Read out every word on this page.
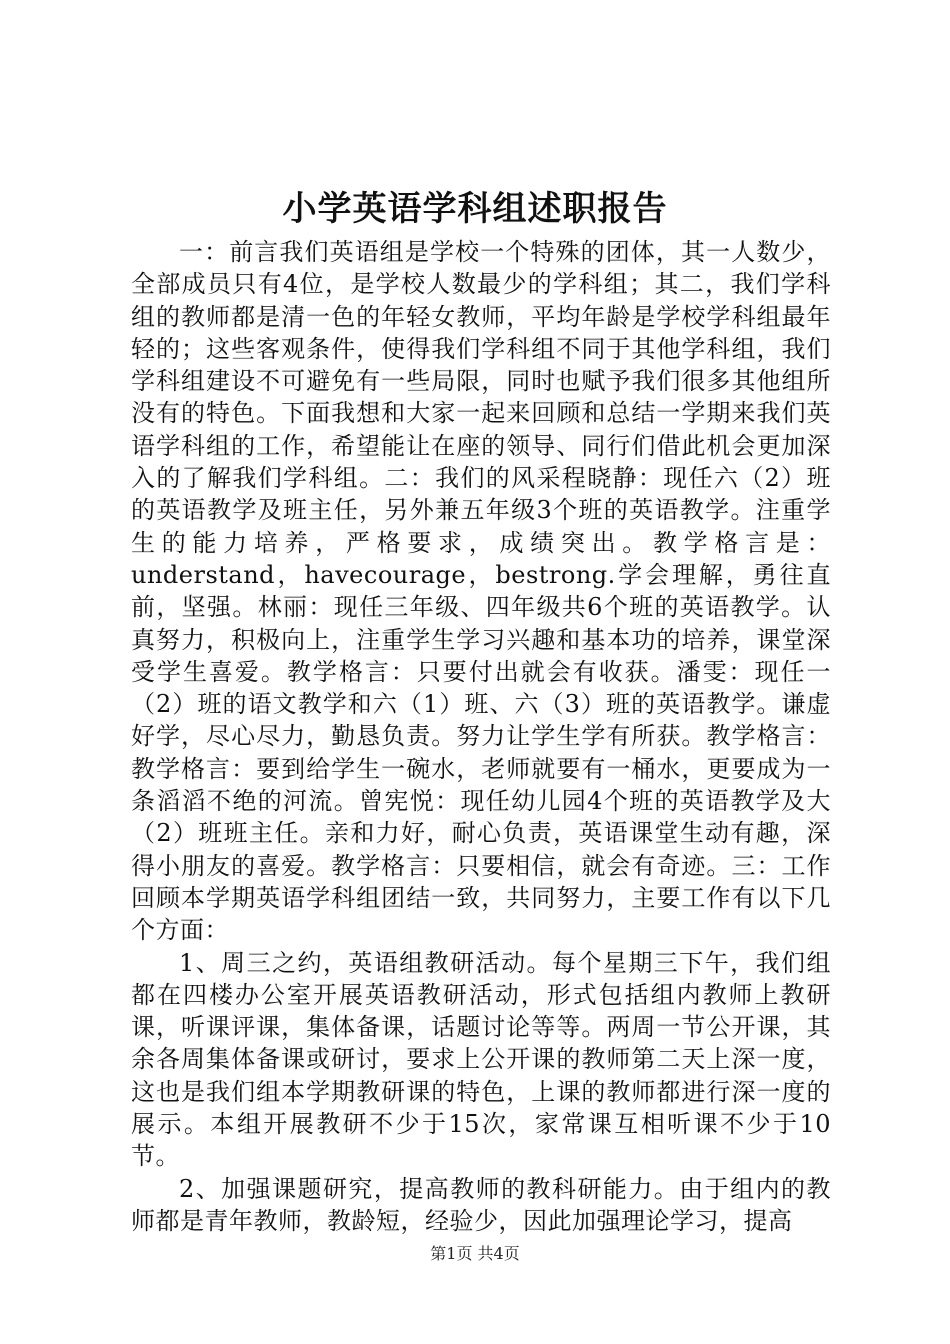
小学英语学科组述职报告

一：前言我们英语组是学校一个特殊的团体，其一人数少，全部成员只有4位，是学校人数最少的学科组；其二，我们学科组的教师都是清一色的年轻女教师，平均年龄是学校学科组最年轻的；这些客观条件，使得我们学科组不同于其他学科组，我们学科组建设不可避免有一些局限，同时也赋予我们很多其他组所没有的特色。下面我想和大家一起来回顾和总结一学期来我们英语学科组的工作，希望能让在座的领导、同行们借此机会更加深入的了解我们学科组。二：我们的风采程晓静：现任六（2）班的英语教学及班主任，另外兼五年级3个班的英语教学。注重学生的能力培养，严格要求，成绩突出。教学格言是：understand，havecourage，bestrong.学会理解，勇往直前，坚强。林丽：现任三年级、四年级共6个班的英语教学。认真努力，积极向上，注重学生学习兴趣和基本功的培养，课堂深受学生喜爱。教学格言：只要付出就会有收获。潘雯：现任一（2）班的语文教学和六（1）班、六（3）班的英语教学。谦虚好学，尽心尽力，勤恳负责。努力让学生学有所获。教学格言：教学格言：要到给学生一碗水，老师就要有一桶水，更要成为一条滔滔不绝的河流。曾宪悦：现任幼儿园4个班的英语教学及大（2）班班主任。亲和力好，耐心负责，英语课堂生动有趣，深得小朋友的喜爱。教学格言：只要相信，就会有奇迹。三：工作回顾本学期英语学科组团结一致，共同努力，主要工作有以下几个方面：

1、周三之约，英语组教研活动。每个星期三下午，我们组都在四楼办公室开展英语教研活动，形式包括组内教师上教研课，听课评课，集体备课，话题讨论等等。两周一节公开课，其余各周集体备课或研讨，要求上公开课的教师第二天上深一度，这也是我们组本学期教研课的特色，上课的教师都进行深一度的展示。本组开展教研不少于15次，家常课互相听课不少于10节。

2、加强课题研究，提高教师的教科研能力。由于组内的教师都是青年教师，教龄短，经验少，因此加强理论学习，提高

第1页 共4页
